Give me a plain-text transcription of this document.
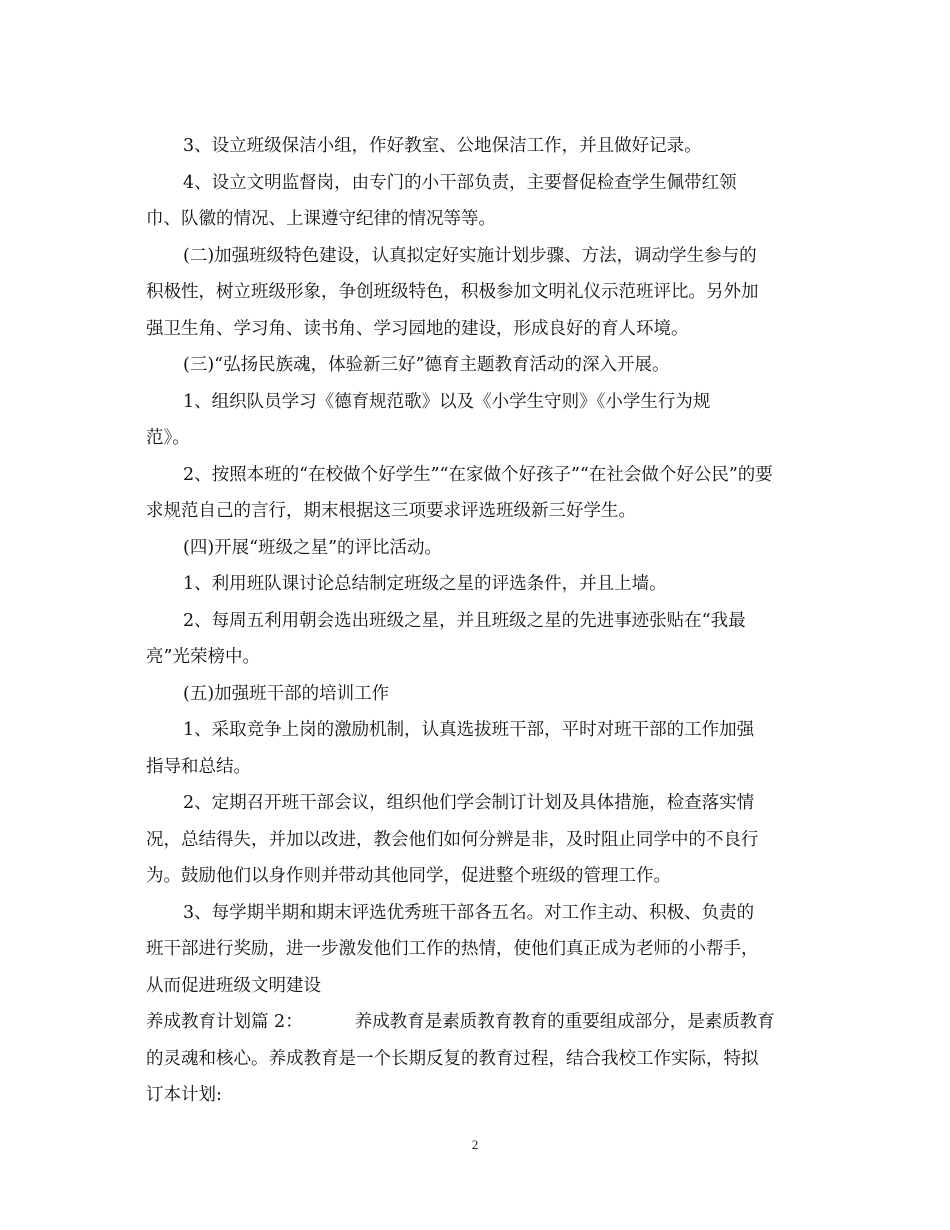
3、设立班级保洁小组，作好教室、公地保洁工作，并且做好记录。

4、设立文明监督岗，由专门的小干部负责，主要督促检查学生佩带红领
巾、队徽的情况、上课遵守纪律的情况等等。

(二)加强班级特色建设，认真拟定好实施计划步骤、方法，调动学生参与的
积极性，树立班级形象，争创班级特色，积极参加文明礼仪示范班评比。另外加
强卫生角、学习角、读书角、学习园地的建设，形成良好的育人环境。

(三)“弘扬民族魂，体验新三好”德育主题教育活动的深入开展。

1、组织队员学习《德育规范歌》以及《小学生守则》《小学生行为规
范》。

2、按照本班的“在校做个好学生”“在家做个好孩子”“在社会做个好公民”的要
求规范自己的言行，期末根据这三项要求评选班级新三好学生。

(四)开展“班级之星”的评比活动。

1、利用班队课讨论总结制定班级之星的评选条件，并且上墙。

2、每周五利用朝会选出班级之星，并且班级之星的先进事迹张贴在“我最
亮”光荣榜中。

(五)加强班干部的培训工作

1、采取竞争上岗的激励机制，认真选拔班干部，平时对班干部的工作加强
指导和总结。

2、定期召开班干部会议，组织他们学会制订计划及具体措施，检查落实情
况，总结得失，并加以改进，教会他们如何分辨是非，及时阻止同学中的不良行
为。鼓励他们以身作则并带动其他同学，促进整个班级的管理工作。

3、每学期半期和期末评选优秀班干部各五名。对工作主动、积极、负责的
班干部进行奖励，进一步激发他们工作的热情，使他们真正成为老师的小帮手，
从而促进班级文明建设

养成教育计划篇 2：	养成教育是素质教育教育的重要组成部分，是素质教育
的灵魂和核心。养成教育是一个长期反复的教育过程，结合我校工作实际，特拟
订本计划:

2
